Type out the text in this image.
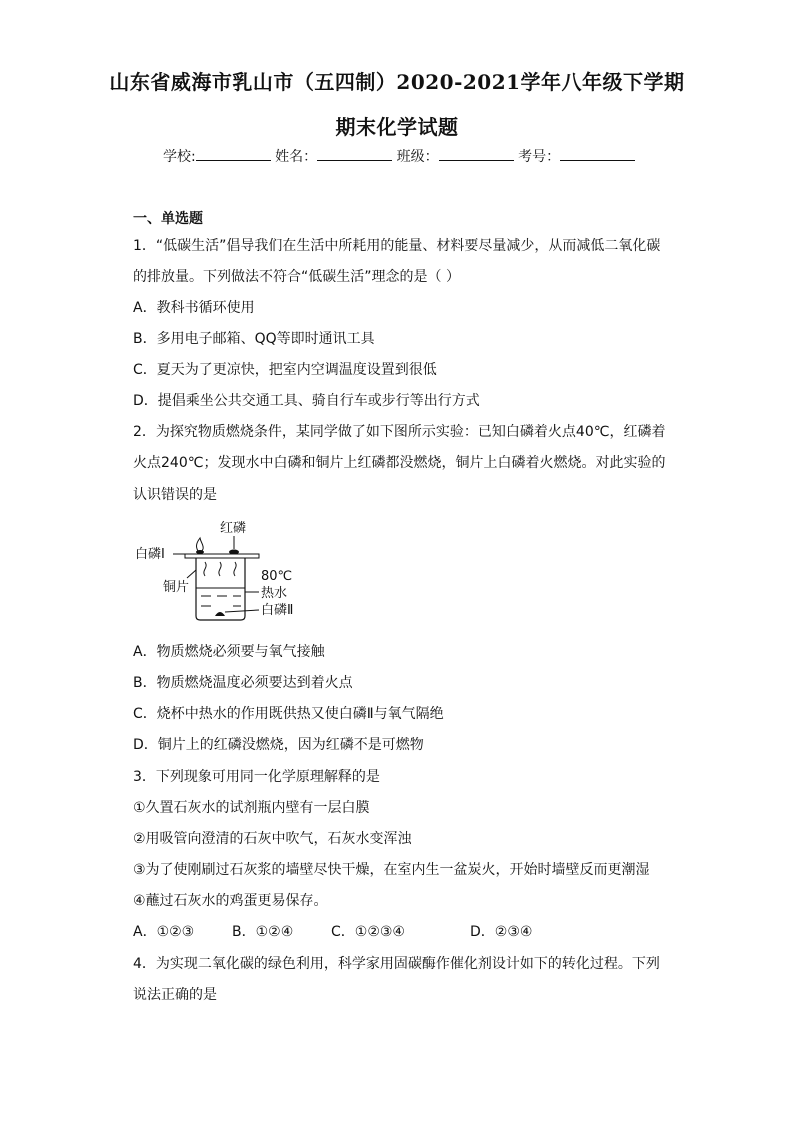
山东省威海市乳山市（五四制）2020-2021学年八年级下学期
期末化学试题
学校:	姓名：	班级：	考号：
一、单选题
1．“低碳生活”倡导我们在生活中所耗用的能量、材料要尽量减少，从而减低二氧化碳
的排放量。下列做法不符合“低碳生活”理念的是（ ）
A．教科书循环使用
B．多用电子邮箱、QQ等即时通讯工具
C．夏天为了更凉快，把室内空调温度设置到很低
D．提倡乘坐公共交通工具、骑自行车或步行等出行方式
2．为探究物质燃烧条件，某同学做了如下图所示实验：已知白磷着火点40℃，红磷着
火点240℃；发现水中白磷和铜片上红磷都没燃烧，铜片上白磷着火燃烧。对此实验的
认识错误的是
红磷
白磷Ⅰ
铜片
80℃
热水
白磷Ⅱ
A．物质燃烧必须要与氧气接触
B．物质燃烧温度必须要达到着火点
C．烧杯中热水的作用既供热又使白磷Ⅱ与氧气隔绝
D．铜片上的红磷没燃烧，因为红磷不是可燃物
3．下列现象可用同一化学原理解释的是
①久置石灰水的试剂瓶内壁有一层白膜
②用吸管向澄清的石灰中吹气，石灰水变浑浊
③为了使刚刷过石灰浆的墙壁尽快干燥，在室内生一盆炭火，开始时墙壁反而更潮湿
④蘸过石灰水的鸡蛋更易保存。
A．①②③	B．①②④	C．①②③④	D．②③④
4．为实现二氧化碳的绿色利用，科学家用固碳酶作催化剂设计如下的转化过程。下列
说法正确的是
